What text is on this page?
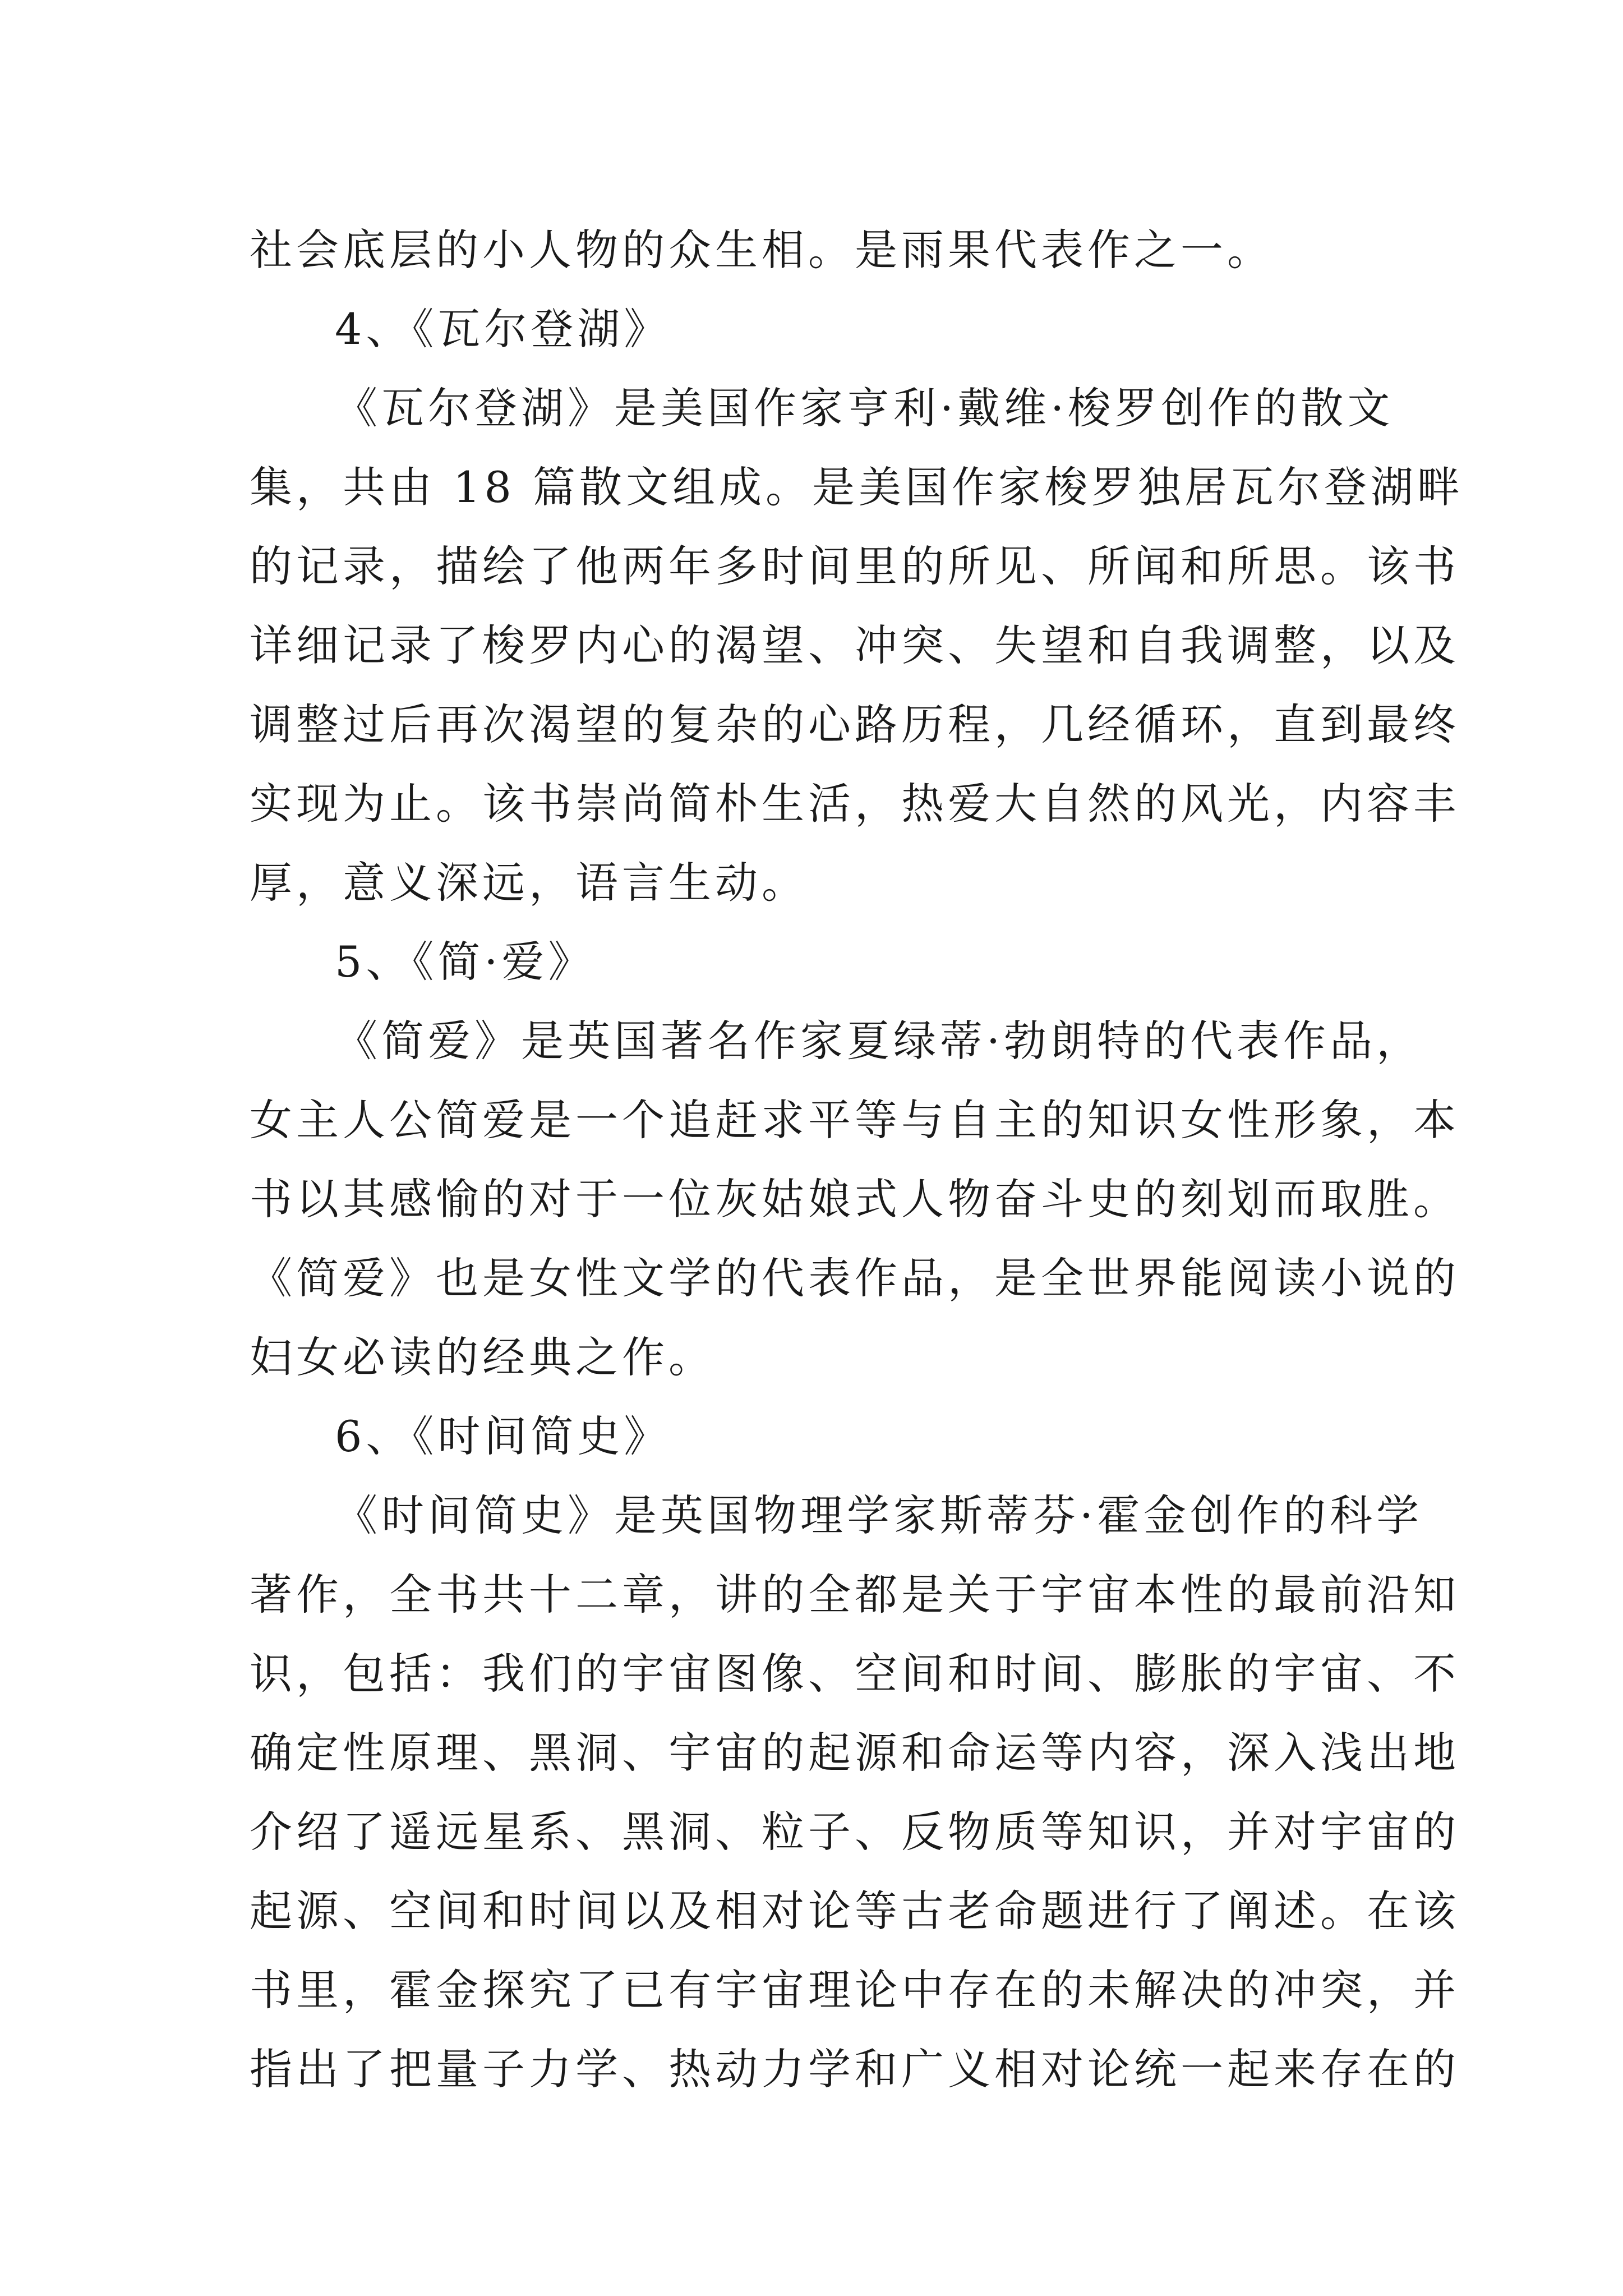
社会底层的小人物的众生相。是雨果代表作之一。
4、《瓦尔登湖》
《瓦尔登湖》是美国作家亨利·戴维·梭罗创作的散文
集，共由 18 篇散文组成。是美国作家梭罗独居瓦尔登湖畔
的记录，描绘了他两年多时间里的所见、所闻和所思。该书
详细记录了梭罗内心的渴望、冲突、失望和自我调整，以及
调整过后再次渴望的复杂的心路历程，几经循环，直到最终
实现为止。该书崇尚简朴生活，热爱大自然的风光，内容丰
厚，意义深远，语言生动。
5、《简·爱》
《简爱》是英国著名作家夏绿蒂·勃朗特的代表作品，
女主人公简爱是一个追赶求平等与自主的知识女性形象，本
书以其感愉的对于一位灰姑娘式人物奋斗史的刻划而取胜。
《简爱》也是女性文学的代表作品，是全世界能阅读小说的
妇女必读的经典之作。
6、《时间简史》
《时间简史》是英国物理学家斯蒂芬·霍金创作的科学
著作，全书共十二章，讲的全都是关于宇宙本性的最前沿知
识，包括：我们的宇宙图像、空间和时间、膨胀的宇宙、不
确定性原理、黑洞、宇宙的起源和命运等内容，深入浅出地
介绍了遥远星系、黑洞、粒子、反物质等知识，并对宇宙的
起源、空间和时间以及相对论等古老命题进行了阐述。在该
书里，霍金探究了已有宇宙理论中存在的未解决的冲突，并
指出了把量子力学、热动力学和广义相对论统一起来存在的
